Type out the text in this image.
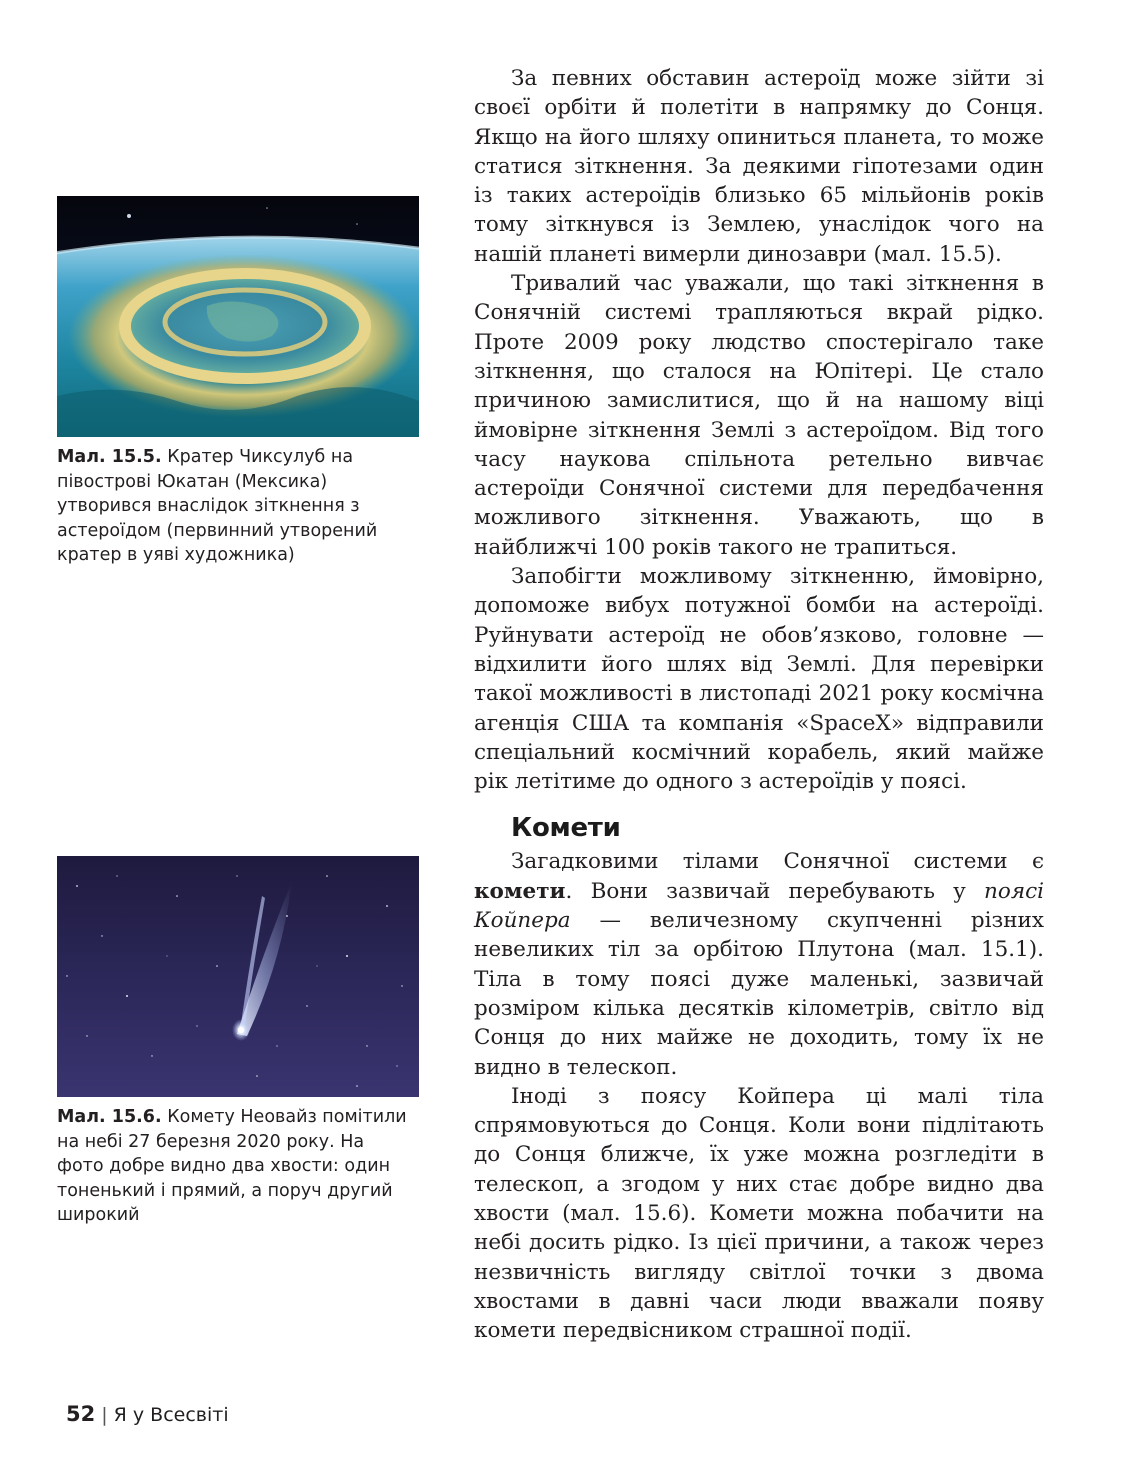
Мал. 15.5. Кратер Чиксулуб на півострові Юкатан (Мексика) утворився внаслідок зіткнення з астероїдом (первинний утворений кратер в уяві художника)
Мал. 15.6. Комету Неовайз помітили на небі 27 березня 2020 року. На фото добре видно два хвости: один тоненький і прямий, а поруч другий широкий

За певних обставин астероїд може зійти зі своєї орбіти й полетіти в напрямку до Сонця. Якщо на його шляху опиниться планета, то може статися зіткнення. За деякими гіпотезами один із таких астероїдів близько 65 мільйонів років тому зіткнувся із Землею, унаслідок чого на нашій планеті вимерли динозаври (мал. 15.5).

Тривалий час уважали, що такі зіткнення в Сонячній системі трапляються вкрай рідко. Проте 2009 року людство спостерігало таке зіткнення, що сталося на Юпітері. Це стало причиною замислитися, що й на нашому віці ймовірне зіткнення Землі з астероїдом. Від того часу наукова спільнота ретельно вивчає астероїди Сонячної системи для передбачення можливого зіткнення. Уважають, що в найближчі 100 років такого не трапиться.

Запобігти можливому зіткненню, ймовірно, допоможе вибух потужної бомби на астероїді. Руйнувати астероїд не обов’язково, головне — відхилити його шлях від Землі. Для перевірки такої можливості в листопаді 2021 року космічна агенція США та компанія «SpaceX» відправили спеціальний космічний корабель, який майже рік летітиме до одного з астероїдів у поясі.

Комети

Загадковими тілами Сонячної системи є комети. Вони зазвичай перебувають у поясі Койпера — величезному скупченні різних невеликих тіл за орбітою Плутона (мал. 15.1). Тіла в тому поясі дуже маленькі, зазвичай розміром кілька десятків кілометрів, світло від Сонця до них майже не доходить, тому їх не видно в телескоп.

Іноді з поясу Койпера ці малі тіла спрямовуються до Сонця. Коли вони підлітають до Сонця ближче, їх уже можна розгледіти в телескоп, а згодом у них стає добре видно два хвости (мал. 15.6). Комети можна побачити на небі досить рідко. Із цієї причини, а також через незвичність вигляду світлої точки з двома хвостами в давні часи люди вважали появу комети передвісником страшної події.

52 | Я у Всесвіті
